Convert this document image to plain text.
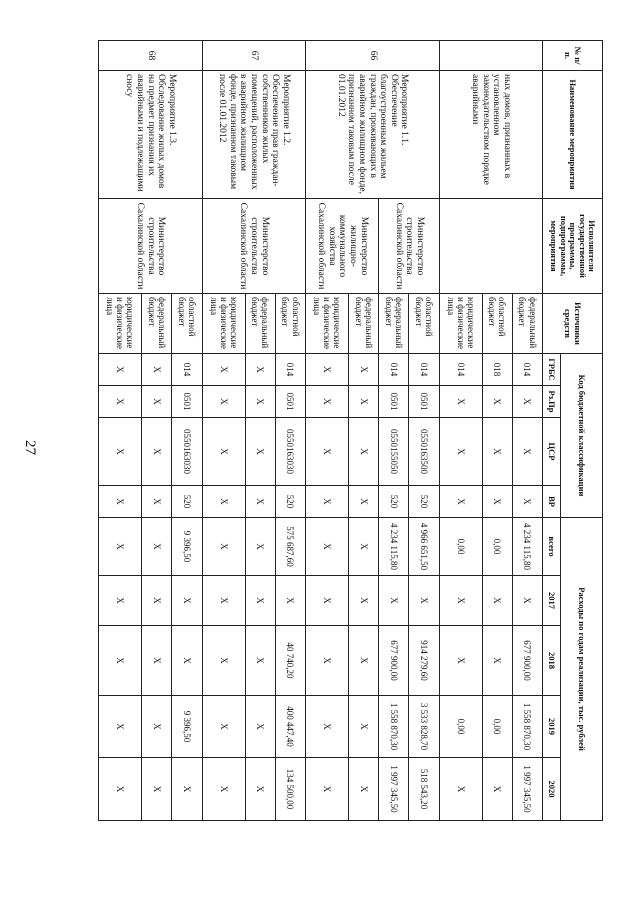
27
№ п/п.	Наименование мероприятия	Исполнители государственной программы, подпрограммы, мероприятия	Источники средств	Код бюджетной классификации				Расходы по годам реализации, тыс. рублей				
				ГРБС	Рз.Пр	ЦСР	ВР	всего	2017	2018	2019	2020
	ных домов, признанных в установленном законодательством порядке аварийными		федеральный бюджет	014	X	X	X	4 234 115,80	X	677 900,00	1 558 870,30	1 997 345,50
			областной бюджет	018	X	X	X	0,00	X	X	0,00	X
			юридические и физические лица	014	X	X	X	0,00	X	X	0,00	X
66	Мероприятие 1.1. Обеспечение благоустроенным жильем граждан, проживающих в аварийном жилищном фонде, признанном таковым после 01.01.2012	Министерство строительства Сахалинской области	областной бюджет	014	0501	0550163500	520	4 966 651,50	X	914 279,60	3 533 828,70	518 543,20
			федеральный бюджет	014	0501	0550155050	520	4 234 115,80	X	677 900,00	1 558 870,30	1 997 345,50
		Министерство жилищно-коммунального хозяйства Сахалинской области	федеральный бюджет	X	X	X	X	X	X	X	X	X
			юридические и физические лица	X	X	X	X	X	X	X	X	X
67	Мероприятие 1.2. Обеспечение прав граждан-собственников жилых помещений, расположенных в аварийном жилищном фонде, признанном таковым после 01.01.2012	Министерство строительства Сахалинской области	областной бюджет	014	0501	0550163030	520	575 687,60	X	40 740,20	400 447,40	134 500,00
			федеральный бюджет	X	X	X	X	X	X	X	X	X
			юридические и физические лица	X	X	X	X	X	X	X	X	X
68	Мероприятие 1.3. Обследование жилых домов на предмет признания их аварийными и подлежащими сносу	Министерство строительства Сахалинской области	областной бюджет	014	0501	0550163030	520	9 396,50	X	X	9 396,50	X
			федеральный бюджет	X	X	X	X	X	X	X	X	X
			юридические и физические лица	X	X	X	X	X	X	X	X	X
